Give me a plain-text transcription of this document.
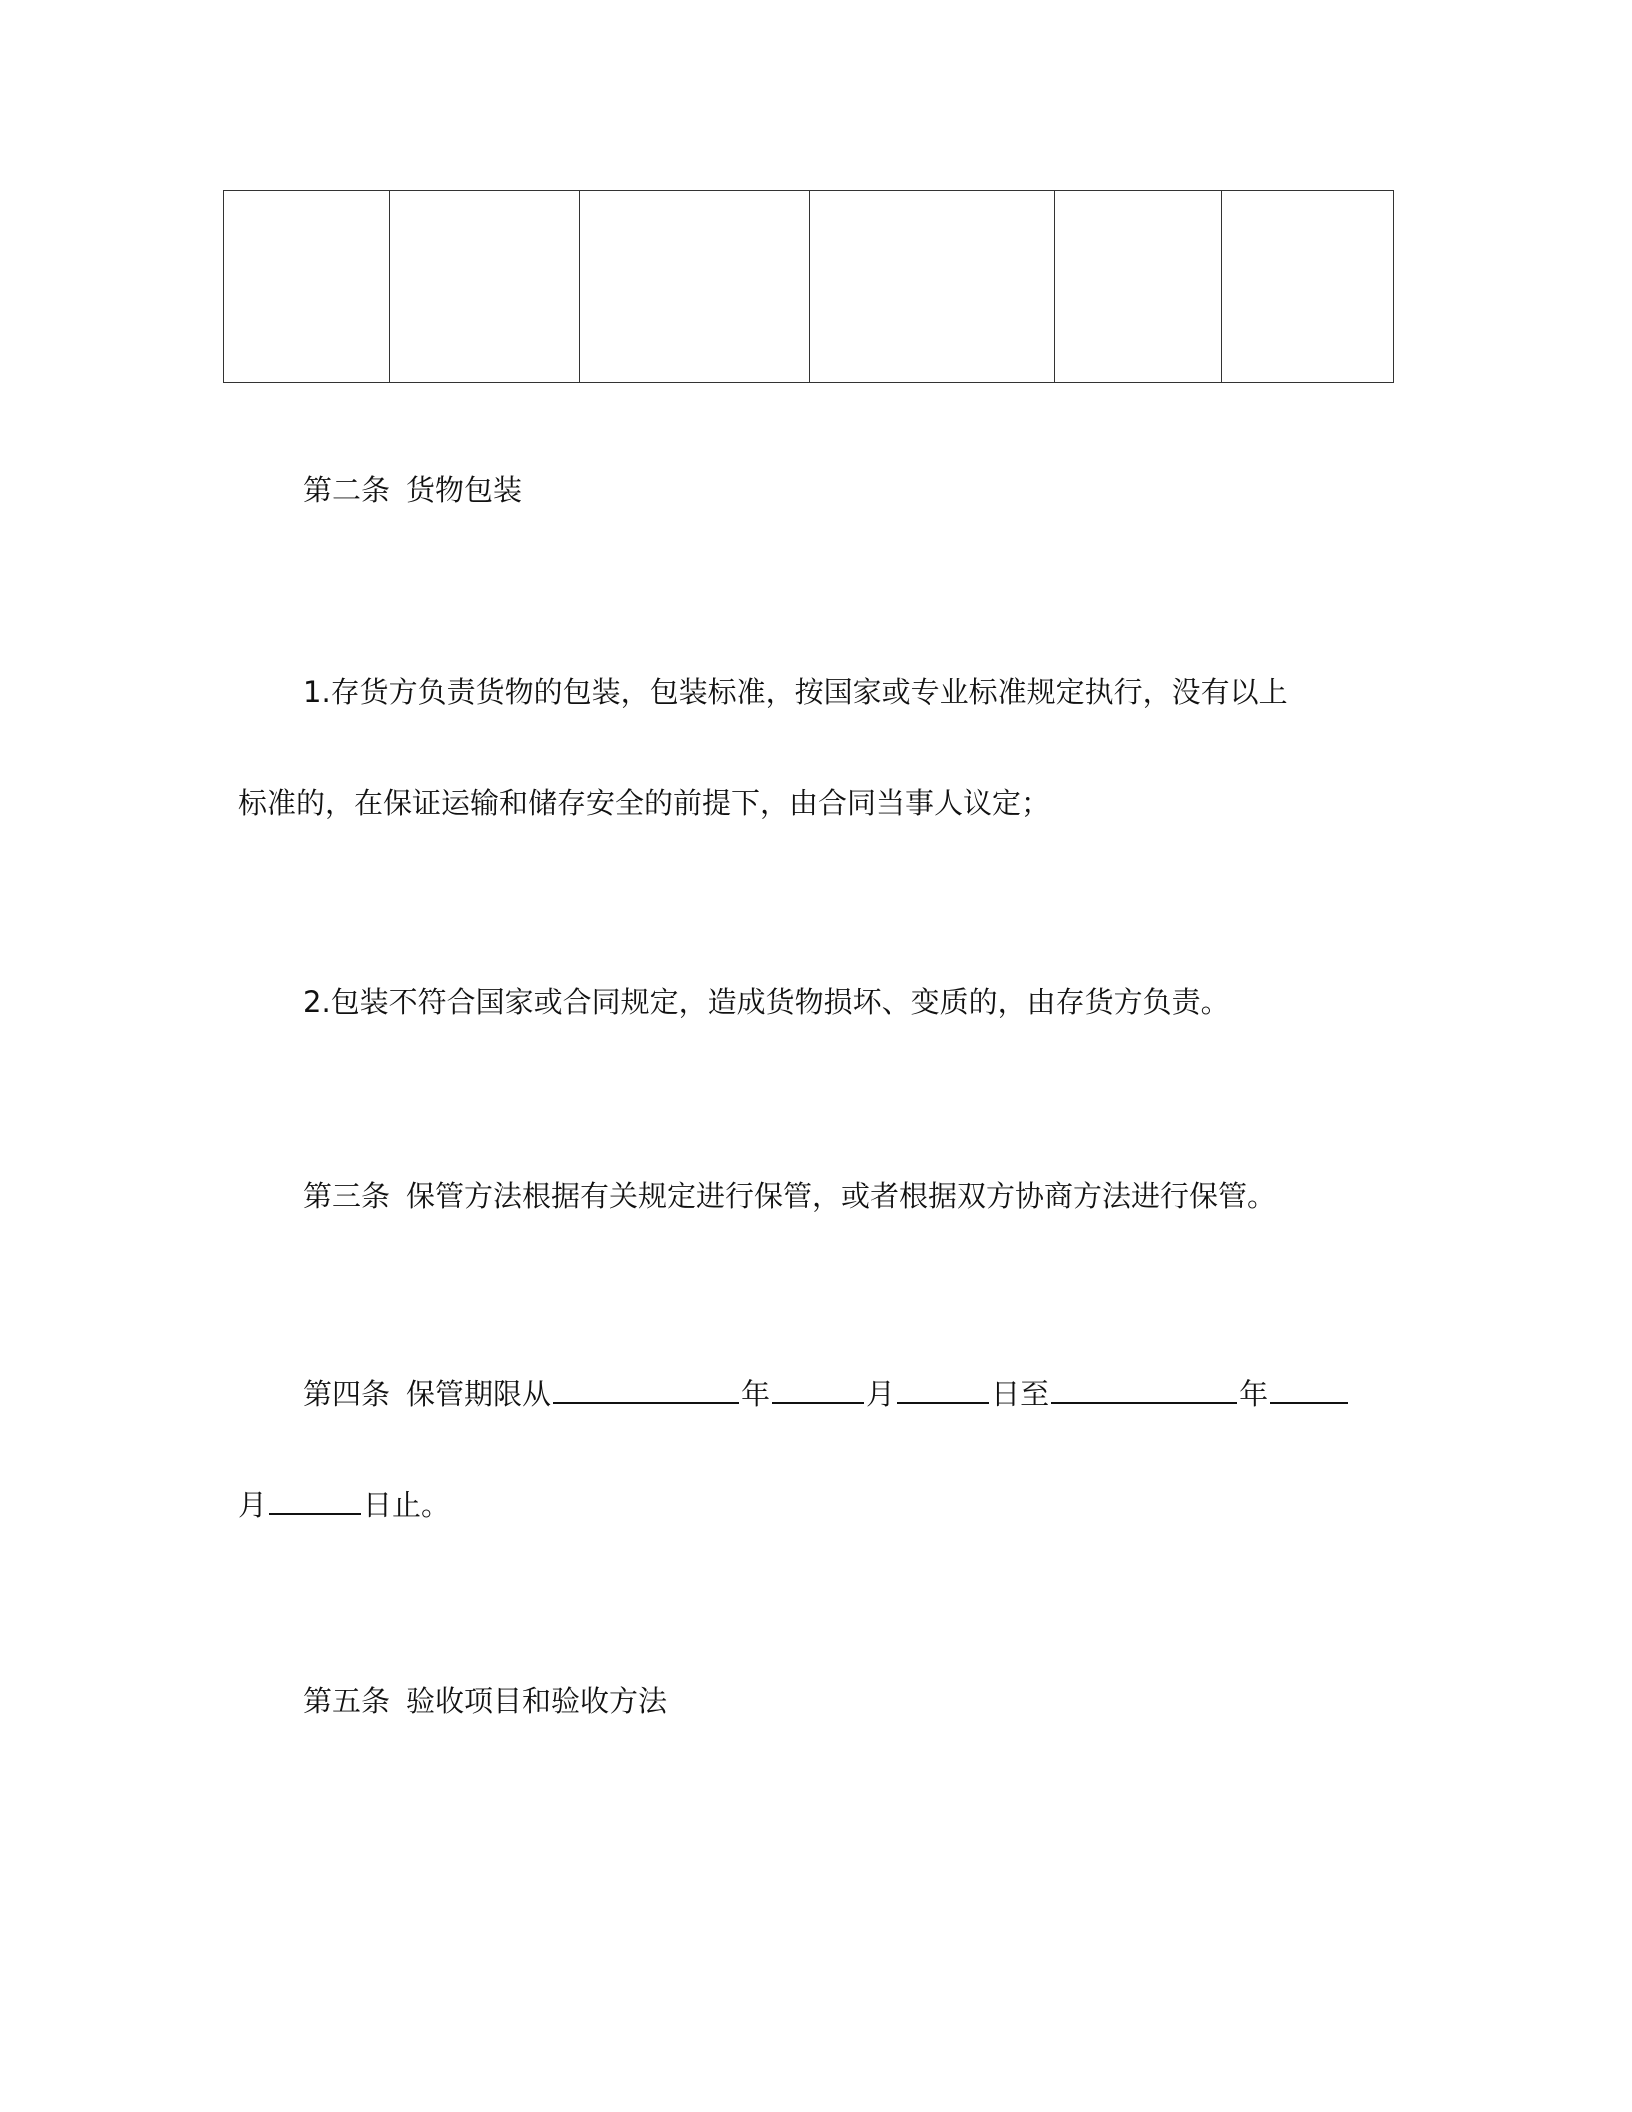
第二条 货物包装
1.存货方负责货物的包装，包装标准，按国家或专业标准规定执行，没有以上
标准的，在保证运输和储存安全的前提下，由合同当事人议定；
2.包装不符合国家或合同规定，造成货物损坏、变质的，由存货方负责。
第三条 保管方法根据有关规定进行保管，或者根据双方协商方法进行保管。
第四条 保管期限从	年	月	日至	年
月	日止。
第五条 验收项目和验收方法
